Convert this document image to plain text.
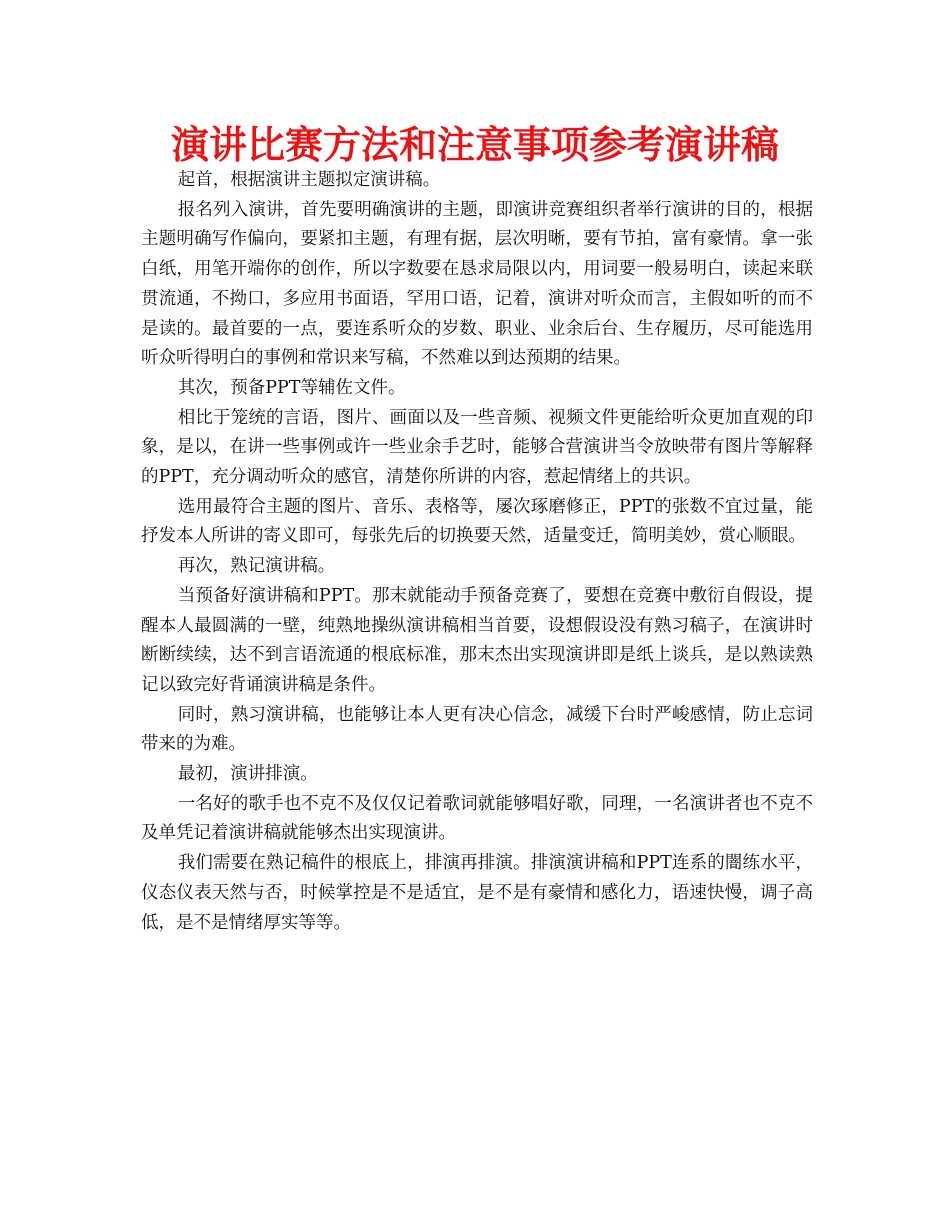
演讲比赛方法和注意事项参考演讲稿

起首，根据演讲主题拟定演讲稿。

报名列入演讲，首先要明确演讲的主题，即演讲竞赛组织者举行演讲的目的，根据主题明确写作偏向，要紧扣主题，有理有据，层次明晰，要有节拍，富有豪情。拿一张白纸，用笔开端你的创作，所以字数要在恳求局限以内，用词要一般易明白，读起来联贯流通，不拗口，多应用书面语，罕用口语，记着，演讲对听众而言，主假如听的而不是读的。最首要的一点，要连系听众的岁数、职业、业余后台、生存履历，尽可能选用听众听得明白的事例和常识来写稿，不然难以到达预期的结果。

其次，预备PPT等辅佐文件。

相比于笼统的言语，图片、画面以及一些音频、视频文件更能给听众更加直观的印象，是以，在讲一些事例或许一些业余手艺时，能够合营演讲当令放映带有图片等解释的PPT，充分调动听众的感官，清楚你所讲的内容，惹起情绪上的共识。

选用最符合主题的图片、音乐、表格等，屡次琢磨修正，PPT的张数不宜过量，能抒发本人所讲的寄义即可，每张先后的切换要天然，适量变迁，简明美妙，赏心顺眼。

再次，熟记演讲稿。

当预备好演讲稿和PPT。那末就能动手预备竞赛了，要想在竞赛中敷衍自假设，提醒本人最圆满的一壁，纯熟地操纵演讲稿相当首要，设想假设没有熟习稿子，在演讲时断断续续，达不到言语流通的根底标准，那末杰出实现演讲即是纸上谈兵，是以熟读熟记以致完好背诵演讲稿是条件。

同时，熟习演讲稿，也能够让本人更有决心信念，减缓下台时严峻感情，防止忘词带来的为难。

最初，演讲排演。

一名好的歌手也不克不及仅仅记着歌词就能够唱好歌，同理，一名演讲者也不克不及单凭记着演讲稿就能够杰出实现演讲。

我们需要在熟记稿件的根底上，排演再排演。排演演讲稿和PPT连系的闇练水平，仪态仪表天然与否，时候掌控是不是适宜，是不是有豪情和感化力，语速快慢，调子高低，是不是情绪厚实等等。
